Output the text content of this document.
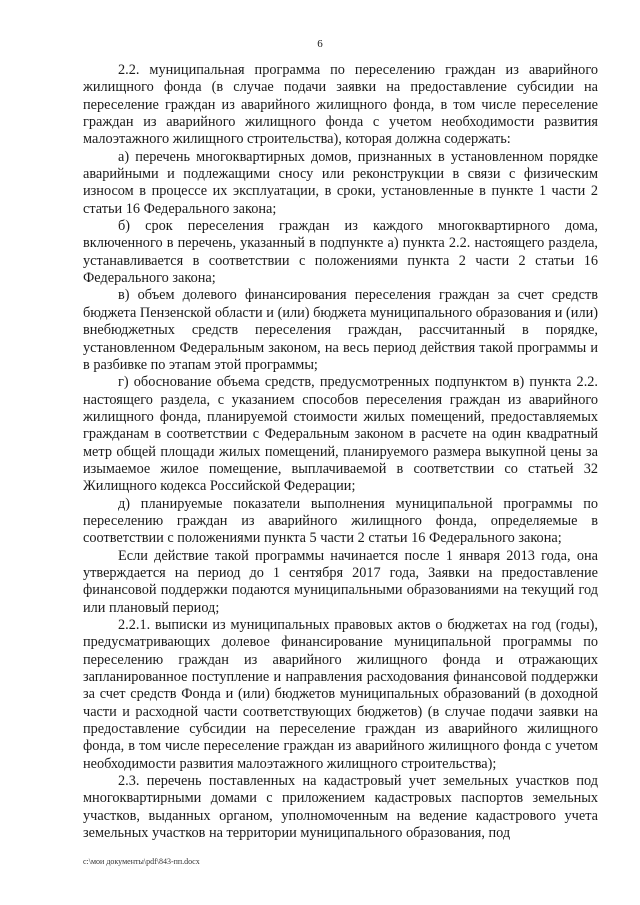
6

2.2. муниципальная программа по переселению граждан из аварийного жилищного фонда (в случае подачи заявки на предоставление субсидии на переселение граждан из аварийного жилищного фонда, в том числе переселение граждан из аварийного жилищного фонда с учетом необходимости развития малоэтажного жилищного строительства), которая должна содержать:

а) перечень многоквартирных домов, признанных в установленном порядке аварийными и подлежащими сносу или реконструкции в связи с физическим износом в процессе их эксплуатации, в сроки, установленные в пункте 1 части 2 статьи 16 Федерального закона;

б) срок переселения граждан из каждого многоквартирного дома, включенного в перечень, указанный в подпункте а) пункта 2.2. настоящего раздела, устанавливается в соответствии с положениями пункта 2 части 2 статьи 16 Федерального закона;

в) объем долевого финансирования переселения граждан за счет средств бюджета Пензенской области и (или) бюджета муниципального образования и (или) внебюджетных средств переселения граждан, рассчитанный в порядке, установленном Федеральным законом, на весь период действия такой программы и в разбивке по этапам этой программы;

г) обоснование объема средств, предусмотренных подпунктом в) пункта 2.2. настоящего раздела, с указанием способов переселения граждан из аварийного жилищного фонда, планируемой стоимости жилых помещений, предоставляемых гражданам в соответствии с Федеральным законом в расчете на один квадратный метр общей площади жилых помещений, планируемого размера выкупной цены за изымаемое жилое помещение, выплачиваемой в соответствии со статьей 32 Жилищного кодекса Российской Федерации;

д) планируемые показатели выполнения муниципальной программы по переселению граждан из аварийного жилищного фонда, определяемые в соответствии с положениями пункта 5 части 2 статьи 16 Федерального закона;

Если действие такой программы начинается после 1 января 2013 года, она утверждается на период до 1 сентября 2017 года, Заявки на предоставление финансовой поддержки подаются муниципальными образованиями на текущий год или плановый период;

2.2.1. выписки из муниципальных правовых актов о бюджетах на год (годы), предусматривающих долевое финансирование муниципальной программы по переселению граждан из аварийного жилищного фонда и отражающих запланированное поступление и направления расходования финансовой поддержки за счет средств Фонда и (или) бюджетов муниципальных образований (в доходной части и расходной части соответствующих бюджетов) (в случае подачи заявки на предоставление субсидии на переселение граждан из аварийного жилищного фонда, в том числе переселение граждан из аварийного жилищного фонда с учетом необходимости развития малоэтажного жилищного строительства);

2.3. перечень поставленных на кадастровый учет земельных участков под многоквартирными домами с приложением кадастровых паспортов земельных участков, выданных органом, уполномоченным на ведение кадастрового учета земельных участков на территории муниципального образования, под

c:\мои документы\pdf\843-пп.docx
